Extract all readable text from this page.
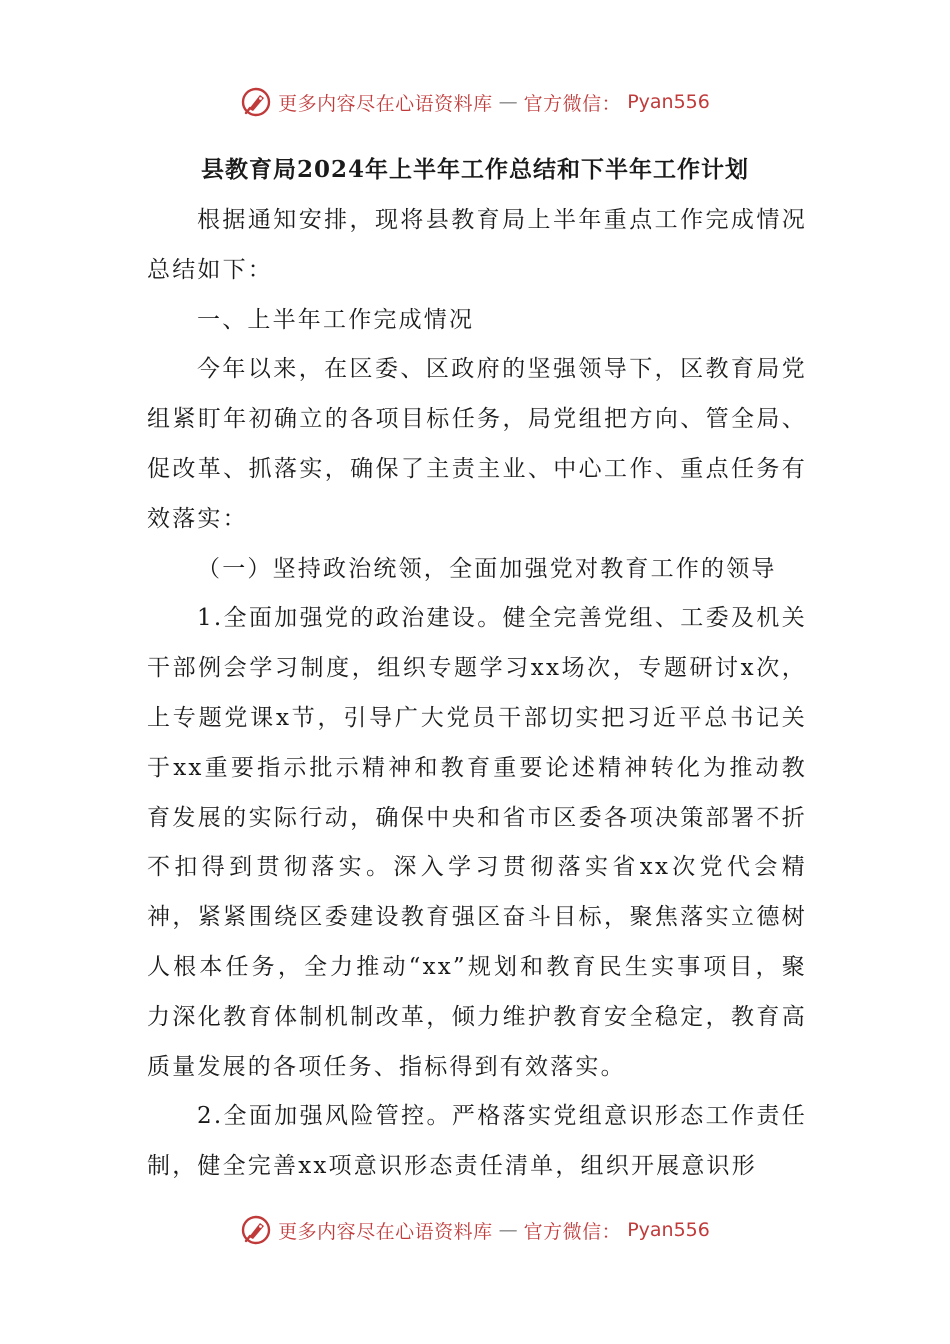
更多内容尽在心语资料库 — 官方微信： Pyan556
县教育局2024年上半年工作总结和下半年工作计划

根据通知安排，现将县教育局上半年重点工作完成情况总结如下：

一、上半年工作完成情况

今年以来，在区委、区政府的坚强领导下，区教育局党组紧盯年初确立的各项目标任务，局党组把方向、管全局、促改革、抓落实，确保了主责主业、中心工作、重点任务有效落实：

（一）坚持政治统领，全面加强党对教育工作的领导

1.全面加强党的政治建设。健全完善党组、工委及机关干部例会学习制度，组织专题学习xx场次，专题研讨x次，上专题党课x节，引导广大党员干部切实把习近平总书记关于xx重要指示批示精神和教育重要论述精神转化为推动教育发展的实际行动，确保中央和省市区委各项决策部署不折不扣得到贯彻落实。深入学习贯彻落实省xx次党代会精神，紧紧围绕区委建设教育强区奋斗目标，聚焦落实立德树人根本任务，全力推动“xx”规划和教育民生实事项目，聚力深化教育体制机制改革，倾力维护教育安全稳定，教育高质量发展的各项任务、指标得到有效落实。

2.全面加强风险管控。严格落实党组意识形态工作责任制，健全完善xx项意识形态责任清单，组织开展意识形

更多内容尽在心语资料库 — 官方微信： Pyan556
